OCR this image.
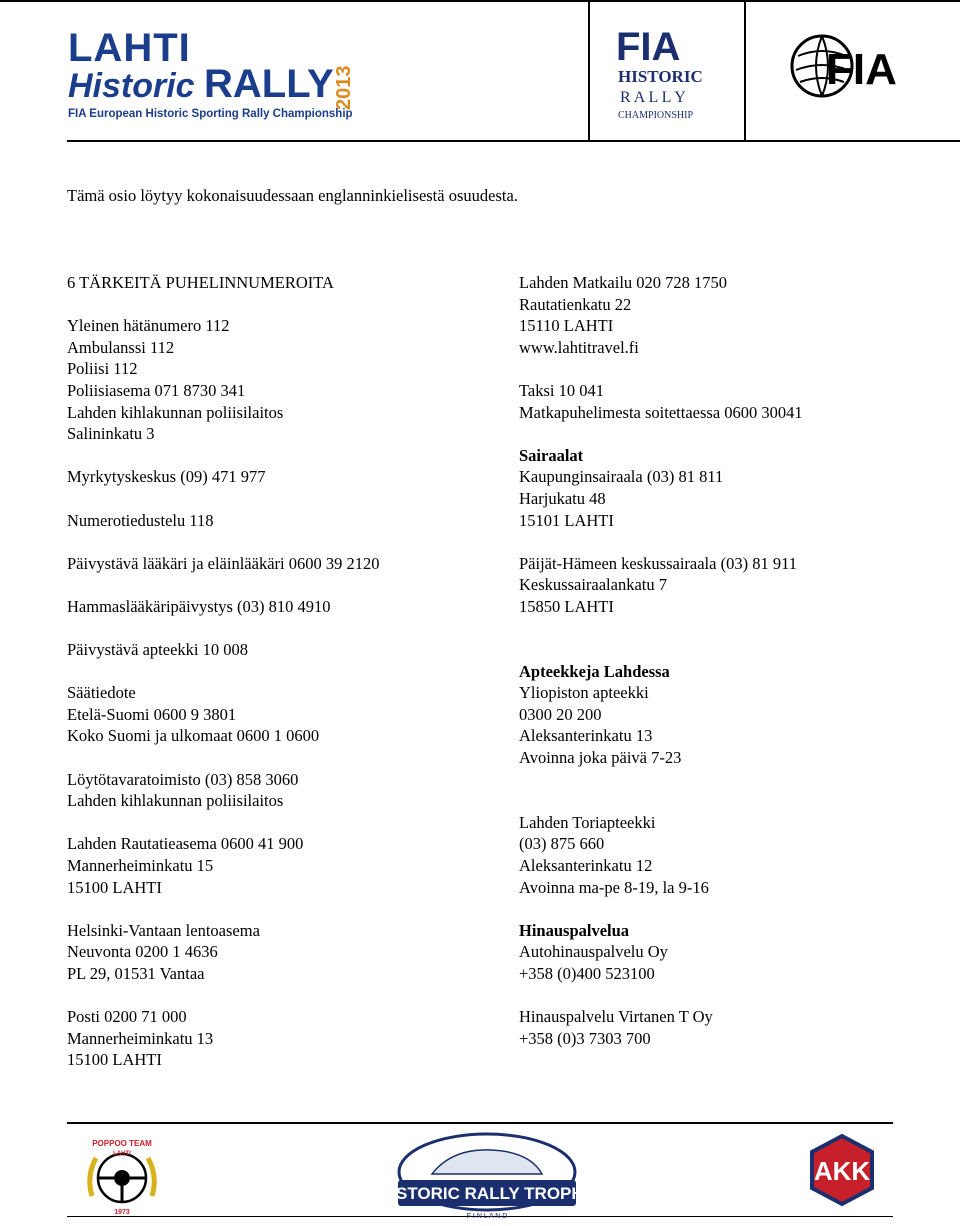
LAHTI
Historic RALLY 2013
FIA European Historic Sporting Rally Championship
FIA
HISTORIC
R A L L Y
CHAMPIONSHIP
FIA
Tämä osio löytyy kokonaisuudessaan englanninkielisestä osuudesta.
6 TÄRKEITÄ PUHELINNUMEROITA
Yleinen hätänumero 112
Ambulanssi 112
Poliisi 112
Poliisiasema 071 8730 341
Lahden kihlakunnan poliisilaitos
Salininkatu 3
Myrkytyskeskus (09) 471 977
Numerotiedustelu 118
Päivystävä lääkäri ja eläinlääkäri 0600 39 2120
Hammaslääkäripäivystys (03) 810 4910
Päivystävä apteekki 10 008
Säätiedote
Etelä-Suomi 0600 9 3801
Koko Suomi ja ulkomaat 0600 1 0600
Löytötavaratoimisto (03) 858 3060
Lahden kihlakunnan poliisilaitos
Lahden Rautatieasema 0600 41 900
Mannerheiminkatu 15
15100 LAHTI
Helsinki-Vantaan lentoasema
Neuvonta 0200 1 4636
PL 29, 01531 Vantaa
Posti 0200 71 000
Mannerheiminkatu 13
15100 LAHTI
Lahden Matkailu 020 728 1750
Rautatienkatu 22
15110 LAHTI
www.lahtitravel.fi
Taksi 10 041
Matkapuhelimesta soitettaessa 0600 30041
Sairaalat
Kaupunginsairaala (03) 81 811
Harjukatu 48
15101 LAHTI
Päijät-Hämeen keskussairaala (03) 81 911
Keskussairaalankatu 7
15850 LAHTI
Apteekkeja Lahdessa
Yliopiston apteekki
0300 20 200
Aleksanterinkatu 13
Avoinna joka päivä 7-23
Lahden Toriapteekki
(03) 875 660
Aleksanterinkatu 12
Avoinna ma-pe 8-19, la 9-16
Hinauspalvelua
Autohinauspalvelu Oy
+358 (0)400 523100
Hinauspalvelu Virtanen T Oy
+358 (0)3 7303 700
POPPOO TEAM
LAHTI
1973
HISTORIC RALLY TROPHY
F I N L A N D
AKK
